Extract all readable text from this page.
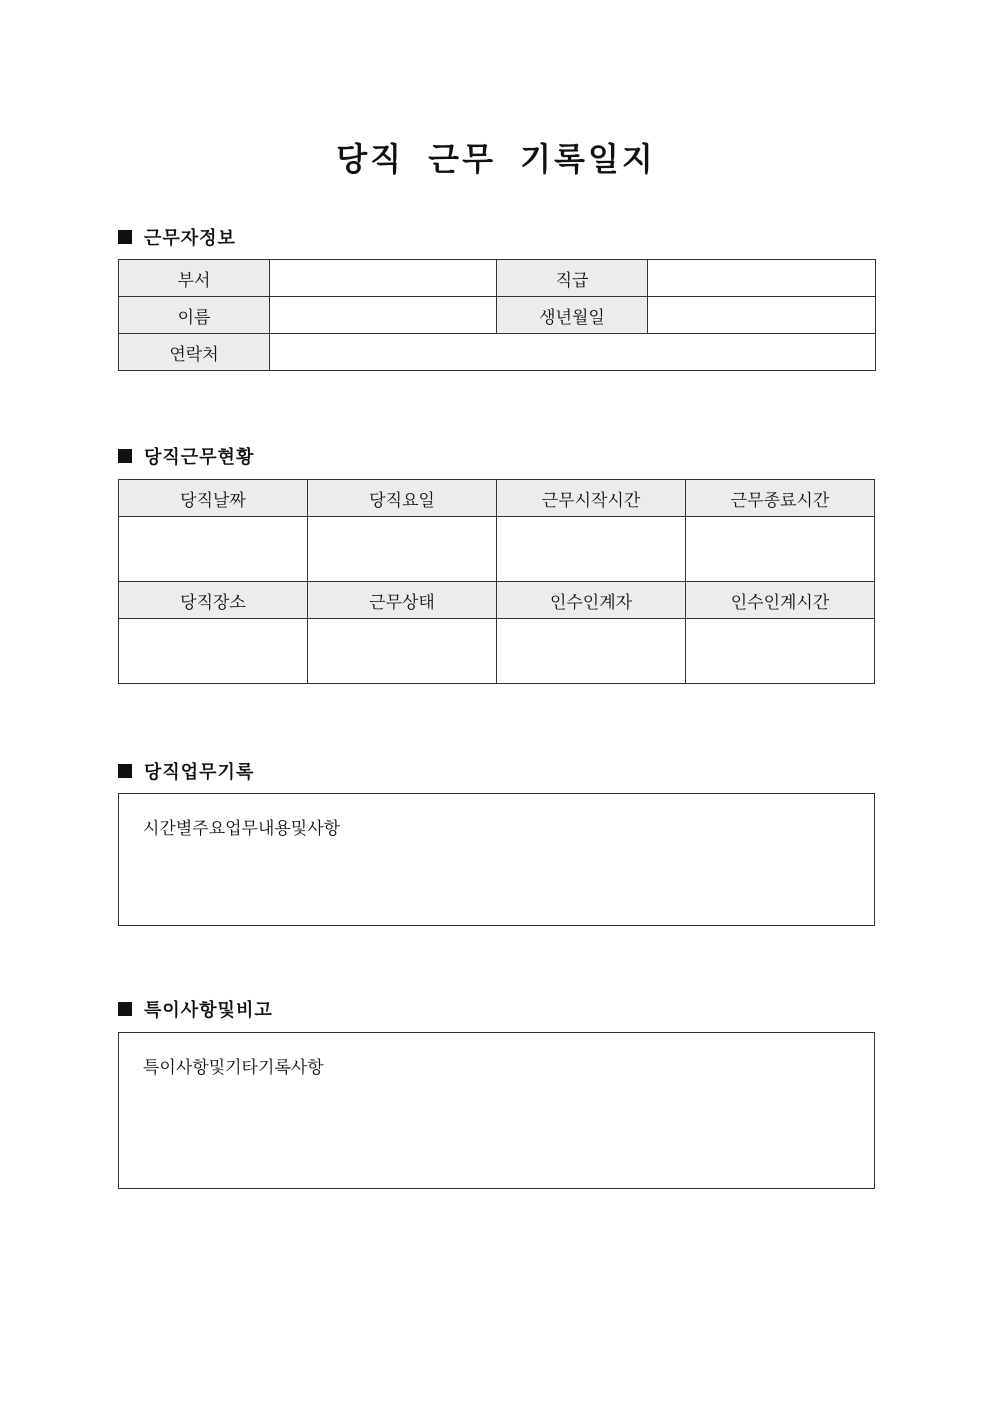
당직 근무 기록일지
근무자정보
부서		직급	
이름		생년월일	
연락처			
당직근무현황
당직날짜	당직요일	근무시작시간	근무종료시간

당직장소	근무상태	인수인계자	인수인계시간

당직업무기록
시간별주요업무내용및사항
특이사항및비고
특이사항및기타기록사항
